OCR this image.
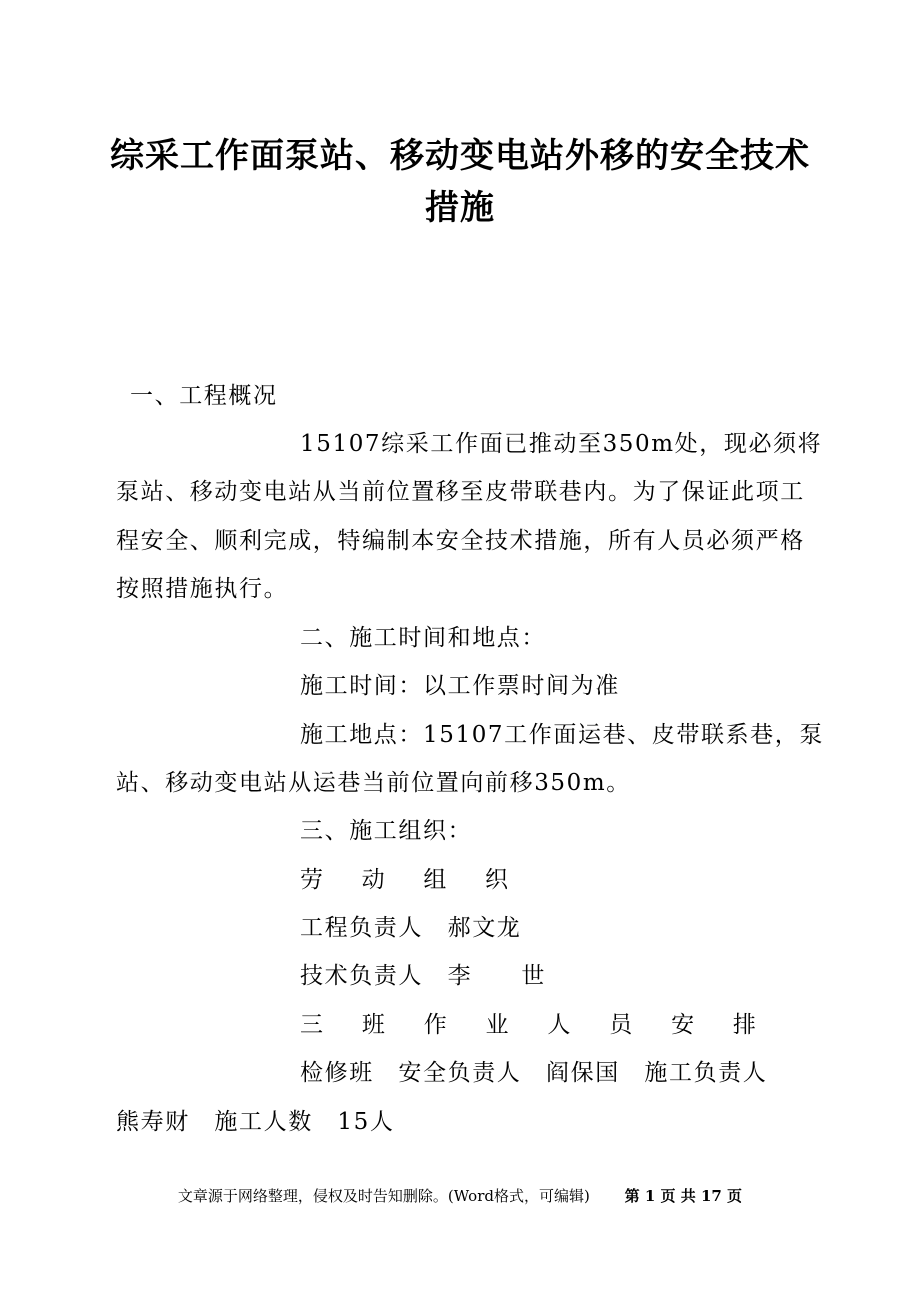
综采工作面泵站、移动变电站外移的安全技术
措施
一、工程概况
15107综采工作面已推动至350m处，现必须将
泵站、移动变电站从当前位置移至皮带联巷内。为了保证此项工
程安全、顺利完成，特编制本安全技术措施，所有人员必须严格
按照措施执行。
二、施工时间和地点：
施工时间：以工作票时间为准
施工地点：15107工作面运巷、皮带联系巷，泵
站、移动变电站从运巷当前位置向前移350m。
三、施工组织：
劳 动 组 织
工程负责人　郝文龙
技术负责人　李　　世
三 班 作 业 人 员 安 排
检修班　安全负责人　阎保国　施工负责人
熊寿财　施工人数　15人
文章源于网络整理，侵权及时告知删除。(Word格式，可编辑) 第 1 页 共 17 页
